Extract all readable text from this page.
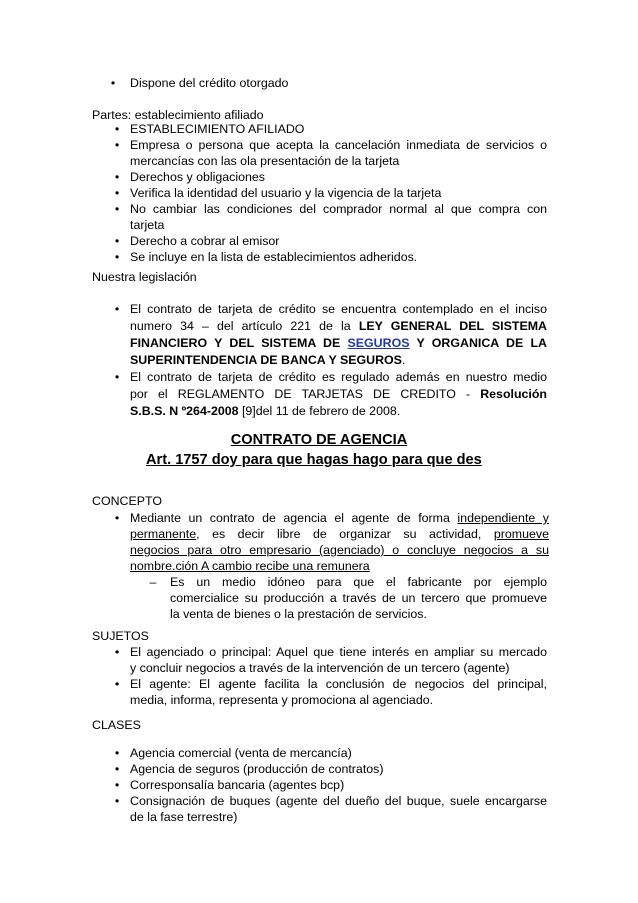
• Dispone del crédito otorgado
Partes: establecimiento afiliado
• ESTABLECIMIENTO AFILIADO
• Empresa o persona que acepta la cancelación inmediata de servicios o
mercancías con las ola presentación de la tarjeta
• Derechos y obligaciones
• Verifica la identidad del usuario y la vigencia de la tarjeta
• No cambiar las condiciones del comprador normal al que compra con
tarjeta
• Derecho a cobrar al emisor
• Se incluye en la lista de establecimientos adheridos.
Nuestra legislación
• El contrato de tarjeta de crédito se encuentra contemplado en el inciso
numero 34 – del artículo 221 de la LEY GENERAL DEL SISTEMA
FINANCIERO Y DEL SISTEMA DE SEGUROS Y ORGANICA DE LA
SUPERINTENDENCIA DE BANCA Y SEGUROS.
• El contrato de tarjeta de crédito es regulado además en nuestro medio
por el REGLAMENTO DE TARJETAS DE CREDITO - Resolución
S.B.S. N º264-2008 [9]del 11 de febrero de 2008.
CONTRATO DE AGENCIA
Art. 1757 doy para que hagas hago para que des
CONCEPTO
• Mediante un contrato de agencia el agente de forma independiente y
permanente, es decir libre de organizar su actividad, promueve
negocios para otro empresario (agenciado) o concluye negocios a su
nombre.ción A cambio recibe una remunera
– Es un medio idóneo para que el fabricante por ejemplo
comercialice su producción a través de un tercero que promueve
la venta de bienes o la prestación de servicios.
SUJETOS
• El agenciado o principal: Aquel que tiene interés en ampliar su mercado
y concluir negocios a través de la intervención de un tercero (agente)
• El agente: El agente facilita la conclusión de negocios del principal,
media, informa, representa y promociona al agenciado.
CLASES
• Agencia comercial (venta de mercancía)
• Agencia de seguros (producción de contratos)
• Corresponsalía bancaria (agentes bcp)
• Consignación de buques (agente del dueño del buque, suele encargarse
de la fase terrestre)
